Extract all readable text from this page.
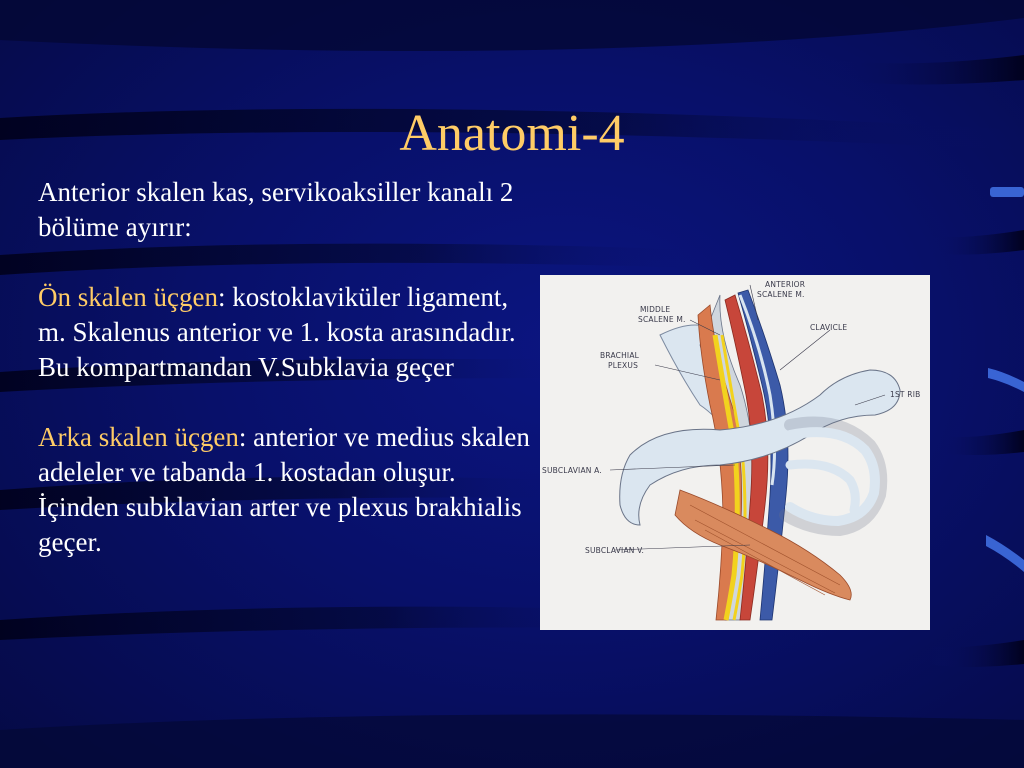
Anatomi-4

Anterior skalen kas, servikoaksiller kanalı 2 bölüme ayırır:

Ön skalen üçgen: kostoklaviküler ligament, m. Skalenus anterior ve 1. kosta arasındadır. Bu kompartmandan V.Subklavia geçer

Arka skalen üçgen: anterior ve medius skalen adeleler ve tabanda 1. kostadan oluşur. İçinden subklavian arter ve plexus brakhialis geçer.

ANTERIOR
SCALENE M.
MIDDLE
SCALENE M.
CLAVICLE
BRACHIAL
PLEXUS
1ST RIB
SUBCLAVIAN A.
SUBCLAVIAN V.
